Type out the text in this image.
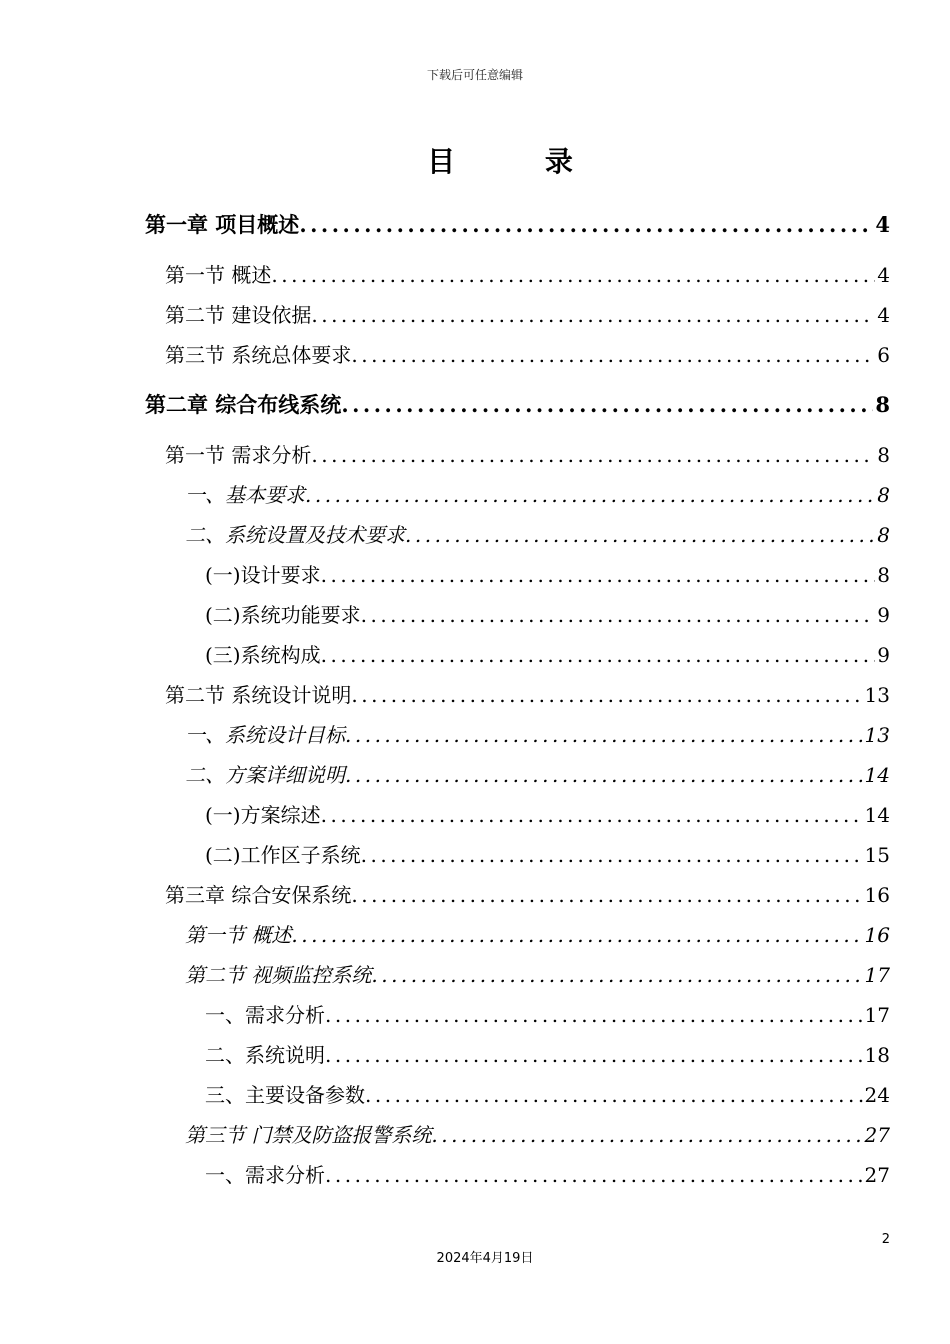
下载后可任意编辑
目 录
第一章 项目概述 .....	4
第一节 概述 .....	4
第二节 建设依据 .....	4
第三节 系统总体要求 .....	6
第二章 综合布线系统 .....	8
第一节 需求分析 .....	8
一、基本要求 .....	8
二、系统设置及技术要求 .....	8
(一)设计要求 .....	8
(二)系统功能要求 .....	9
(三)系统构成 .....	9
第二节 系统设计说明 .....	13
一、系统设计目标 .....	13
二、方案详细说明 .....	14
(一)方案综述 .....	14
(二)工作区子系统 .....	15
第三章 综合安保系统 .....	16
第一节 概述 .....	16
第二节 视频监控系统 .....	17
一、需求分析 .....	17
二、系统说明 .....	18
三、主要设备参数 .....	24
第三节 门禁及防盗报警系统 .....	27
一、需求分析 .....	27
2
2024年4月19日
